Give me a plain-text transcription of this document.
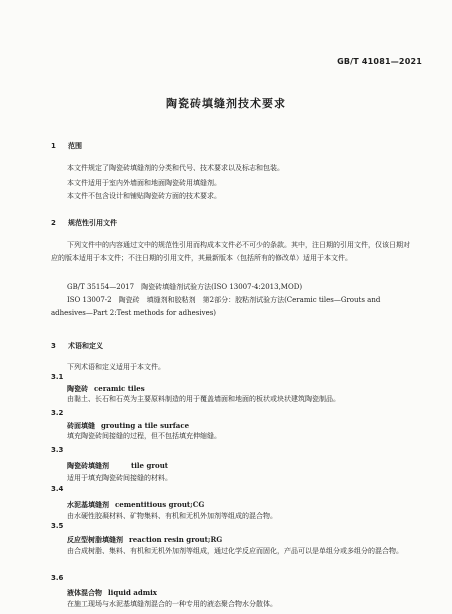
GB/T 41081—2021
陶瓷砖填缝剂技术要求
1 范围
本文件规定了陶瓷砖填缝剂的分类和代号、技术要求以及标志和包装。
本文件适用于室内外墙面和地面陶瓷砖用填缝剂。
本文件不包含设计和铺贴陶瓷砖方面的技术要求。
2 规范性引用文件
下列文件中的内容通过文中的规范性引用而构成本文件必不可少的条款。其中，注日期的引用文件，仅该日期对应的版本适用于本文件；不注日期的引用文件，其最新版本（包括所有的修改单）适用于本文件。
GB/T 35154—2017　陶瓷砖填缝剂试验方法(ISO 13007-4:2013,MOD)
ISO 13007-2　陶瓷砖　填缝剂和胶粘剂　第2部分：胶粘剂试验方法(Ceramic tiles—Grouts and adhesives—Part 2:Test methods for adhesives)
3 术语和定义
下列术语和定义适用于本文件。
3.1
陶瓷砖 ceramic tiles
由黏土、长石和石英为主要原料制造的用于覆盖墙面和地面的板状或块状建筑陶瓷制品。
3.2
砖面填缝 grouting a tile surface
填充陶瓷砖间接缝的过程，但不包括填充伸缩缝。
3.3
陶瓷砖填缝剂	tile grout
适用于填充陶瓷砖间接缝的材料。
3.4
水泥基填缝剂 cementitious grout;CG
由水硬性胶凝材料、矿物集料、有机和无机外加剂等组成的混合物。
3.5
反应型树脂填缝剂 reaction resin grout;RG
由合成树脂、集料、有机和无机外加剂等组成，通过化学反应而固化，产品可以是单组分或多组分的混合物。
3.6
液体混合物 liquid admix
在施工现场与水泥基填缝剂混合的一种专用的液态聚合物水分散体。
